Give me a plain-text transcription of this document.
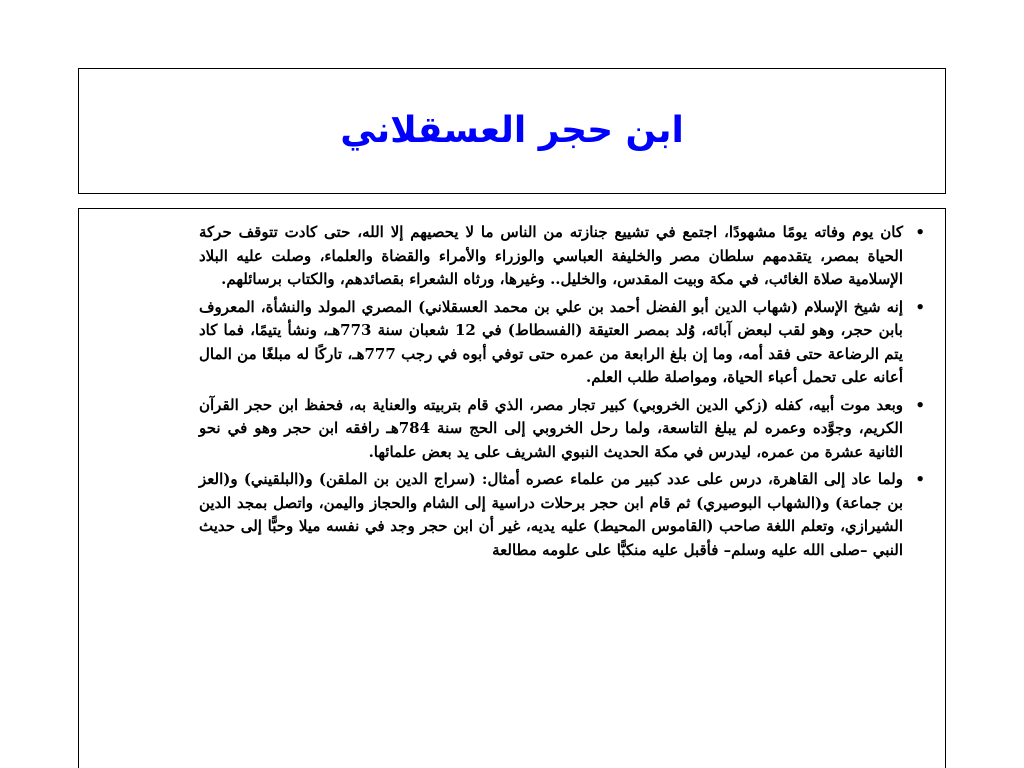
ابن حجر العسقلاني
•
كان يوم وفاته يومًا مشهودًا، اجتمع في تشييع جنازته من الناس ما لا يحصيهم إلا الله، حتى كادت تتوقف حركة الحياة بمصر، يتقدمهم سلطان مصر والخليفة العباسي والوزراء والأمراء والقضاة والعلماء، وصلت عليه البلاد الإسلامية صلاة الغائب، في مكة وبيت المقدس، والخليل.. وغيرها، ورثاه الشعراء بقصائدهم، والكتاب برسائلهم.
•
إنه شيخ الإسلام (شهاب الدين أبو الفضل أحمد بن علي بن محمد العسقلاني) المصري المولد والنشأة، المعروف بابن حجر، وهو لقب لبعض آبائه، وُلد بمصر العتيقة (الفسطاط) في 12 شعبان سنة 773هـ، ونشأ يتيمًا، فما كاد يتم الرضاعة حتى فقد أمه، وما إن بلغ الرابعة من عمره حتى توفي أبوه في رجب 777هـ، تاركًا له مبلغًا من المال أعانه على تحمل أعباء الحياة، ومواصلة طلب العلم.
•
وبعد موت أبيه، كفله (زكي الدين الخروبي) كبير تجار مصر، الذي قام بتربيته والعناية به، فحفظ ابن حجر القرآن الكريم، وجوَّده وعمره لم يبلغ التاسعة، ولما رحل الخروبي إلى الحج سنة 784هـ رافقه ابن حجر وهو في نحو الثانية عشرة من عمره، ليدرس في مكة الحديث النبوي الشريف على يد بعض علمائها.
•
ولما عاد إلى القاهرة، درس على عدد كبير من علماء عصره أمثال: (سراج الدين بن الملقن) و(البلقيني) و(العز بن جماعة) و(الشهاب البوصيري) ثم قام ابن حجر برحلات دراسية إلى الشام والحجاز واليمن، واتصل بمجد الدين الشيرازي، وتعلم اللغة صاحب (القاموس المحيط) عليه يديه، غير أن ابن حجر وجد في نفسه ميلا وحبًّا إلى حديث النبي –صلى الله عليه وسلم– فأقبل عليه منكبًّا على علومه مطالعة
